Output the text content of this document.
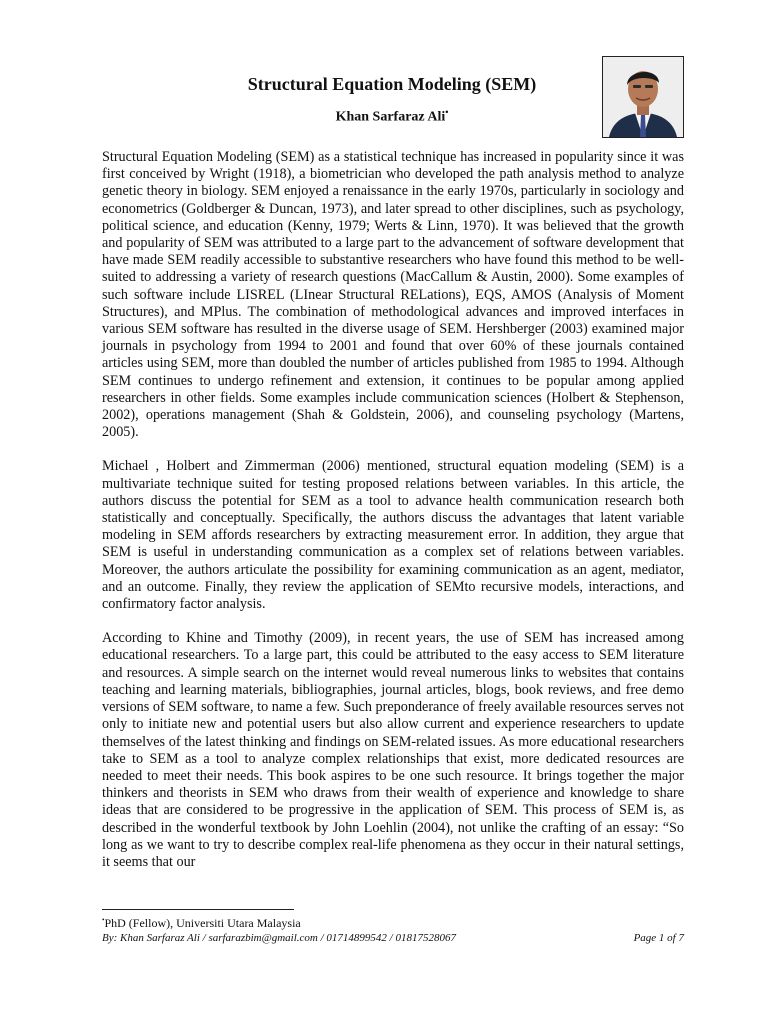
Structural Equation Modeling (SEM)

Khan Sarfaraz Ali•

Structural Equation Modeling (SEM) as a statistical technique has increased in popularity since it was first conceived by Wright (1918), a biometrician who developed the path analysis method to analyze genetic theory in biology. SEM enjoyed a renaissance in the early 1970s, particularly in sociology and econometrics (Goldberger & Duncan, 1973), and later spread to other disciplines, such as psychology, political science, and education (Kenny, 1979; Werts & Linn, 1970). It was believed that the growth and popularity of SEM was attributed to a large part to the advancement of software development that have made SEM readily accessible to substantive researchers who have found this method to be well-suited to addressing a variety of research questions (MacCallum & Austin, 2000). Some examples of such software include LISREL (LInear Structural RELations), EQS, AMOS (Analysis of Moment Structures), and MPlus. The combination of methodological advances and improved interfaces in various SEM software has resulted in the diverse usage of SEM. Hershberger (2003) examined major journals in psychology from 1994 to 2001 and found that over 60% of these journals contained articles using SEM, more than doubled the number of articles published from 1985 to 1994. Although SEM continues to undergo refinement and extension, it continues to be popular among applied researchers in other fields. Some examples include communication sciences (Holbert & Stephenson, 2002), operations management (Shah & Goldstein, 2006), and counseling psychology (Martens, 2005).

Michael , Holbert and Zimmerman (2006) mentioned, structural equation modeling (SEM) is a multivariate technique suited for testing proposed relations between variables. In this article, the authors discuss the potential for SEM as a tool to advance health communication research both statistically and conceptually. Specifically, the authors discuss the advantages that latent variable modeling in SEM affords researchers by extracting measurement error. In addition, they argue that SEM is useful in understanding communication as a complex set of relations between variables. Moreover, the authors articulate the possibility for examining communication as an agent, mediator, and an outcome. Finally, they review the application of SEMto recursive models, interactions, and confirmatory factor analysis.

According to Khine and Timothy (2009), in recent years, the use of SEM has increased among educational researchers. To a large part, this could be attributed to the easy access to SEM literature and resources. A simple search on the internet would reveal numerous links to websites that contains teaching and learning materials, bibliographies, journal articles, blogs, book reviews, and free demo versions of SEM software, to name a few. Such preponderance of freely available resources serves not only to initiate new and potential users but also allow current and experience researchers to update themselves of the latest thinking and findings on SEM-related issues. As more educational researchers take to SEM as a tool to analyze complex relationships that exist, more dedicated resources are needed to meet their needs. This book aspires to be one such resource. It brings together the major thinkers and theorists in SEM who draws from their wealth of experience and knowledge to share ideas that are considered to be progressive in the application of SEM. This process of SEM is, as described in the wonderful textbook by John Loehlin (2004), not unlike the crafting of an essay: “So long as we want to try to describe complex real-life phenomena as they occur in their natural settings, it seems that our

•PhD (Fellow), Universiti Utara Malaysia

By: Khan Sarfaraz Ali / sarfarazbim@gmail.com / 01714899542 / 01817528067	Page 1 of 7
